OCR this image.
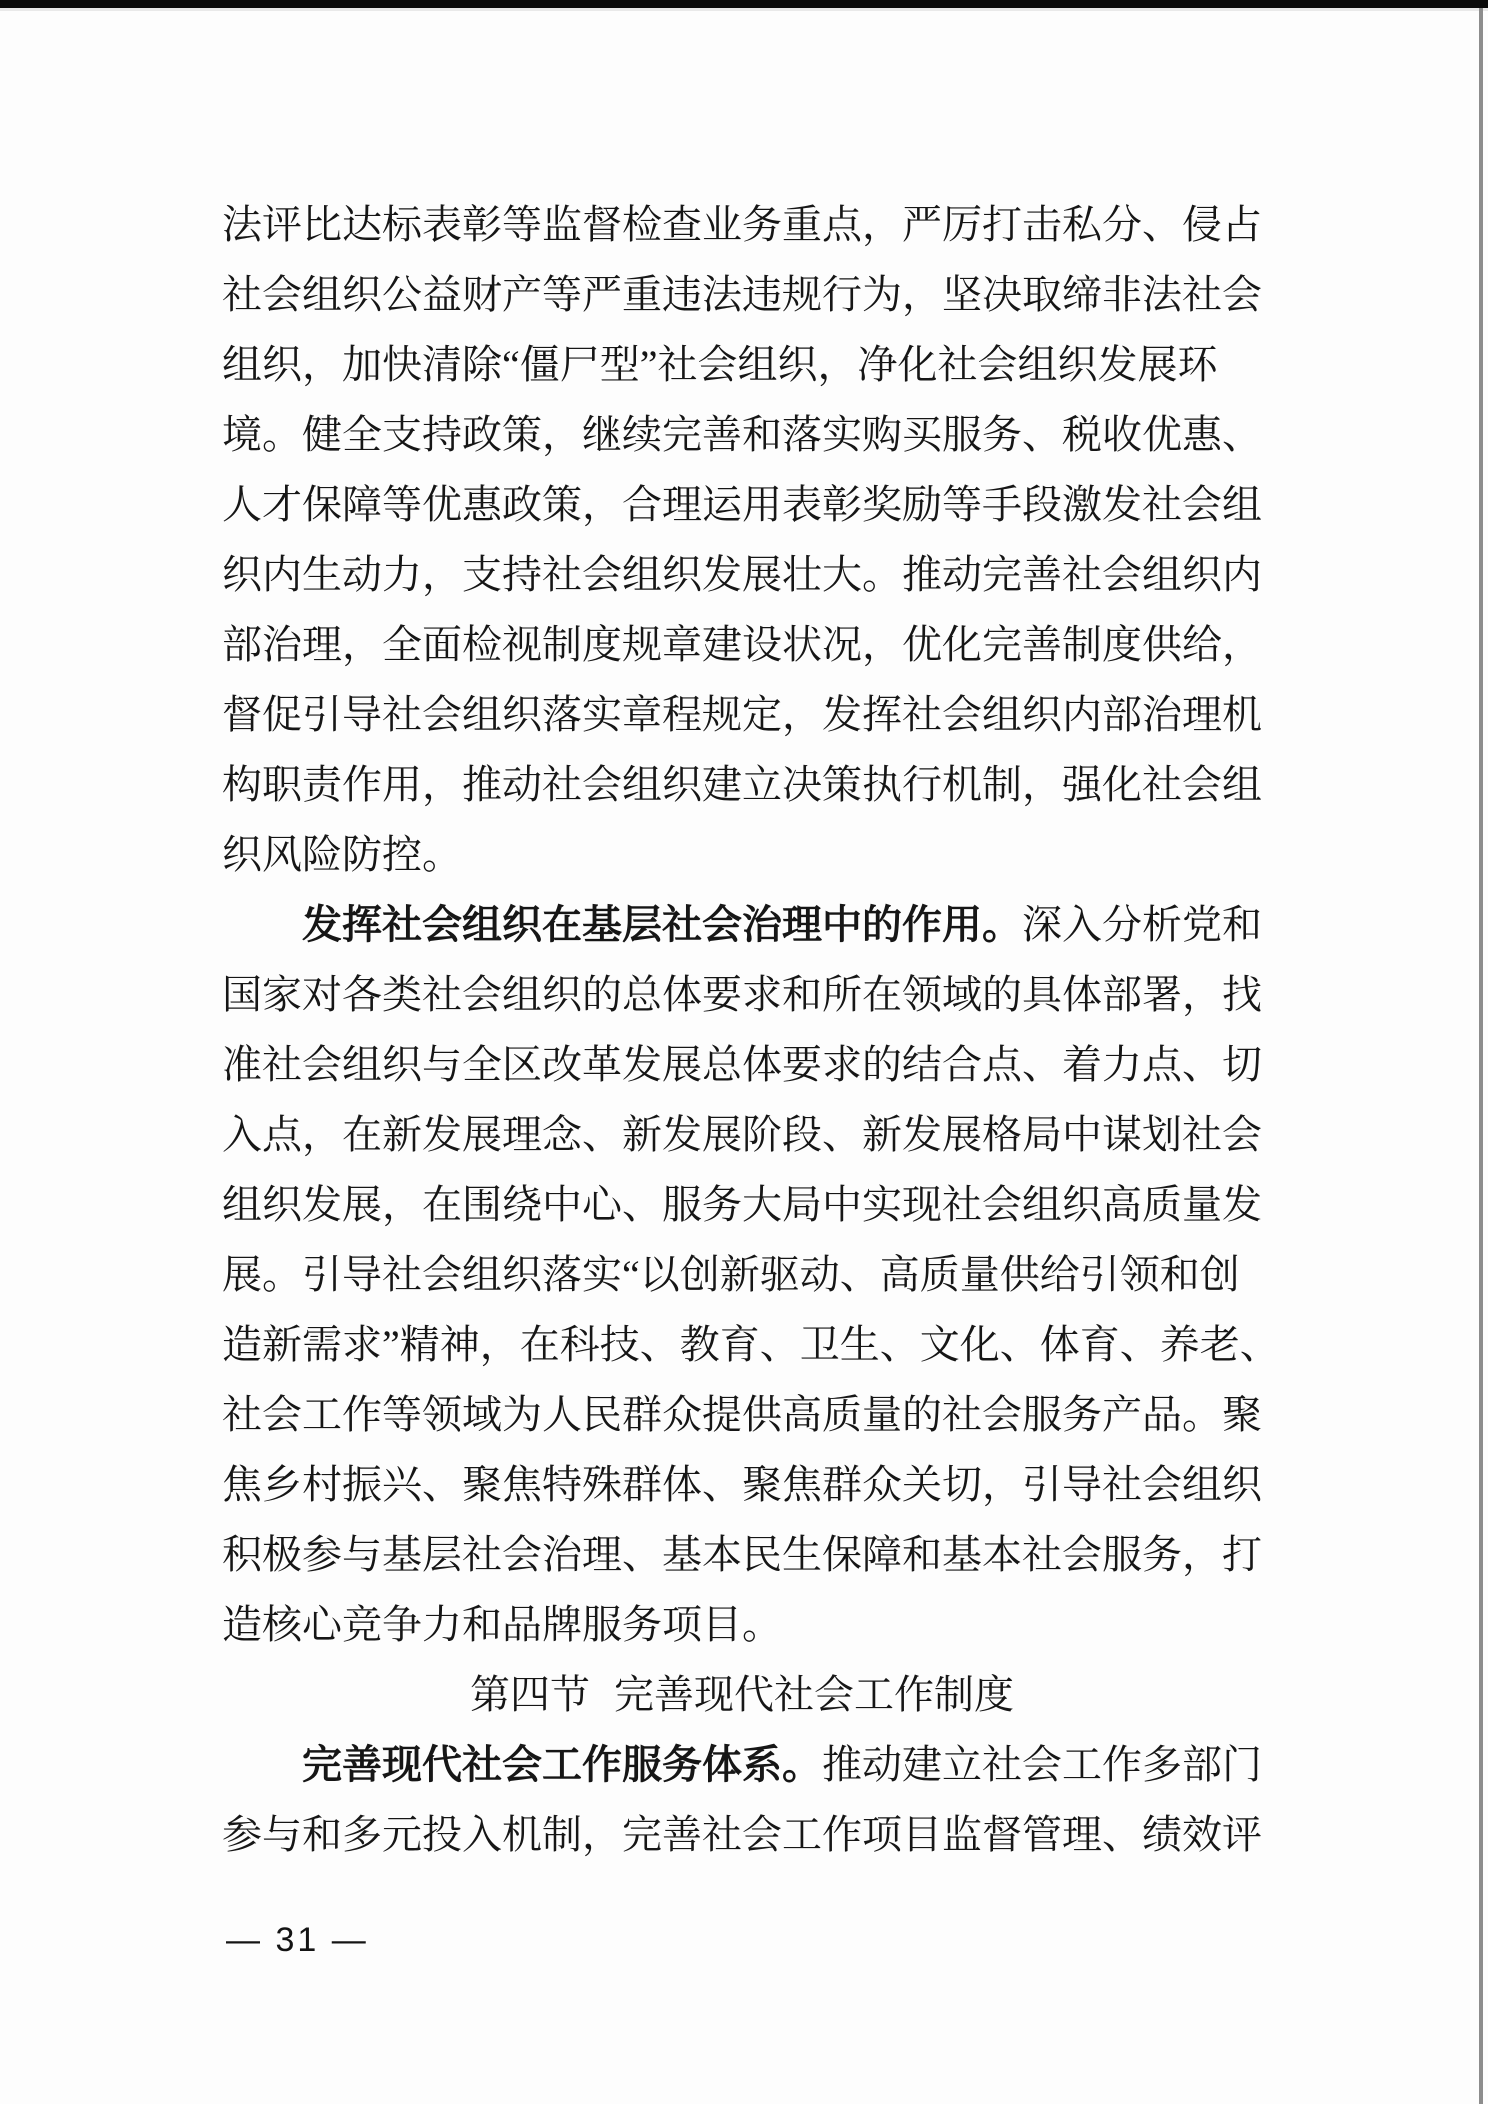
法评比达标表彰等监督检查业务重点，严厉打击私分、侵占
社会组织公益财产等严重违法违规行为，坚决取缔非法社会
组织，加快清除“僵尸型”社会组织，净化社会组织发展环
境。健全支持政策，继续完善和落实购买服务、税收优惠、
人才保障等优惠政策，合理运用表彰奖励等手段激发社会组
织内生动力，支持社会组织发展壮大。推动完善社会组织内
部治理，全面检视制度规章建设状况，优化完善制度供给，
督促引导社会组织落实章程规定，发挥社会组织内部治理机
构职责作用，推动社会组织建立决策执行机制，强化社会组
织风险防控。
发挥社会组织在基层社会治理中的作用。深入分析党和
国家对各类社会组织的总体要求和所在领域的具体部署，找
准社会组织与全区改革发展总体要求的结合点、着力点、切
入点，在新发展理念、新发展阶段、新发展格局中谋划社会
组织发展，在围绕中心、服务大局中实现社会组织高质量发
展。引导社会组织落实“以创新驱动、高质量供给引领和创
造新需求”精神，在科技、教育、卫生、文化、体育、养老、
社会工作等领域为人民群众提供高质量的社会服务产品。聚
焦乡村振兴、聚焦特殊群体、聚焦群众关切，引导社会组织
积极参与基层社会治理、基本民生保障和基本社会服务，打
造核心竞争力和品牌服务项目。
第四节 完善现代社会工作制度
完善现代社会工作服务体系。推动建立社会工作多部门
参与和多元投入机制，完善社会工作项目监督管理、绩效评
— 31 —
